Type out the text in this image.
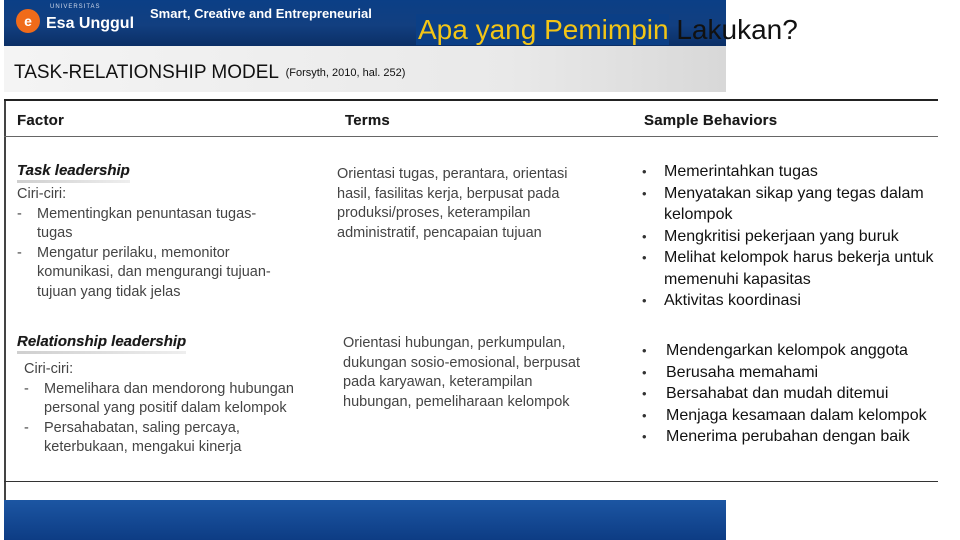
e
UNIVERSITAS
Esa Unggul
Smart, Creative and Entrepreneurial
Apa yang Pemimpin Lakukan?
TASK-RELATIONSHIP MODEL (Forsyth, 2010, hal. 252)
Factor	Terms	Sample Behaviors
Task leadership
Ciri-ciri:
- Mementingkan penuntasan tugas-tugas
- Mengatur perilaku, memonitor komunikasi, dan mengurangi tujuan-tujuan yang tidak jelas
Orientasi tugas, perantara, orientasi hasil, fasilitas kerja, berpusat pada produksi/proses, keterampilan administratif, pencapaian tujuan
• Memerintahkan tugas
• Menyatakan sikap yang tegas dalam kelompok
• Mengkritisi pekerjaan yang buruk
• Melihat kelompok harus bekerja untuk memenuhi kapasitas
• Aktivitas koordinasi
Relationship leadership
Ciri-ciri:
- Memelihara dan mendorong hubungan personal yang positif dalam kelompok
- Persahabatan, saling percaya, keterbukaan, mengakui kinerja
Orientasi hubungan, perkumpulan, dukungan sosio-emosional, berpusat pada karyawan, keterampilan hubungan, pemeliharaan kelompok
• Mendengarkan kelompok anggota
• Berusaha memahami
• Bersahabat dan mudah ditemui
• Menjaga kesamaan dalam kelompok
• Menerima perubahan dengan baik
